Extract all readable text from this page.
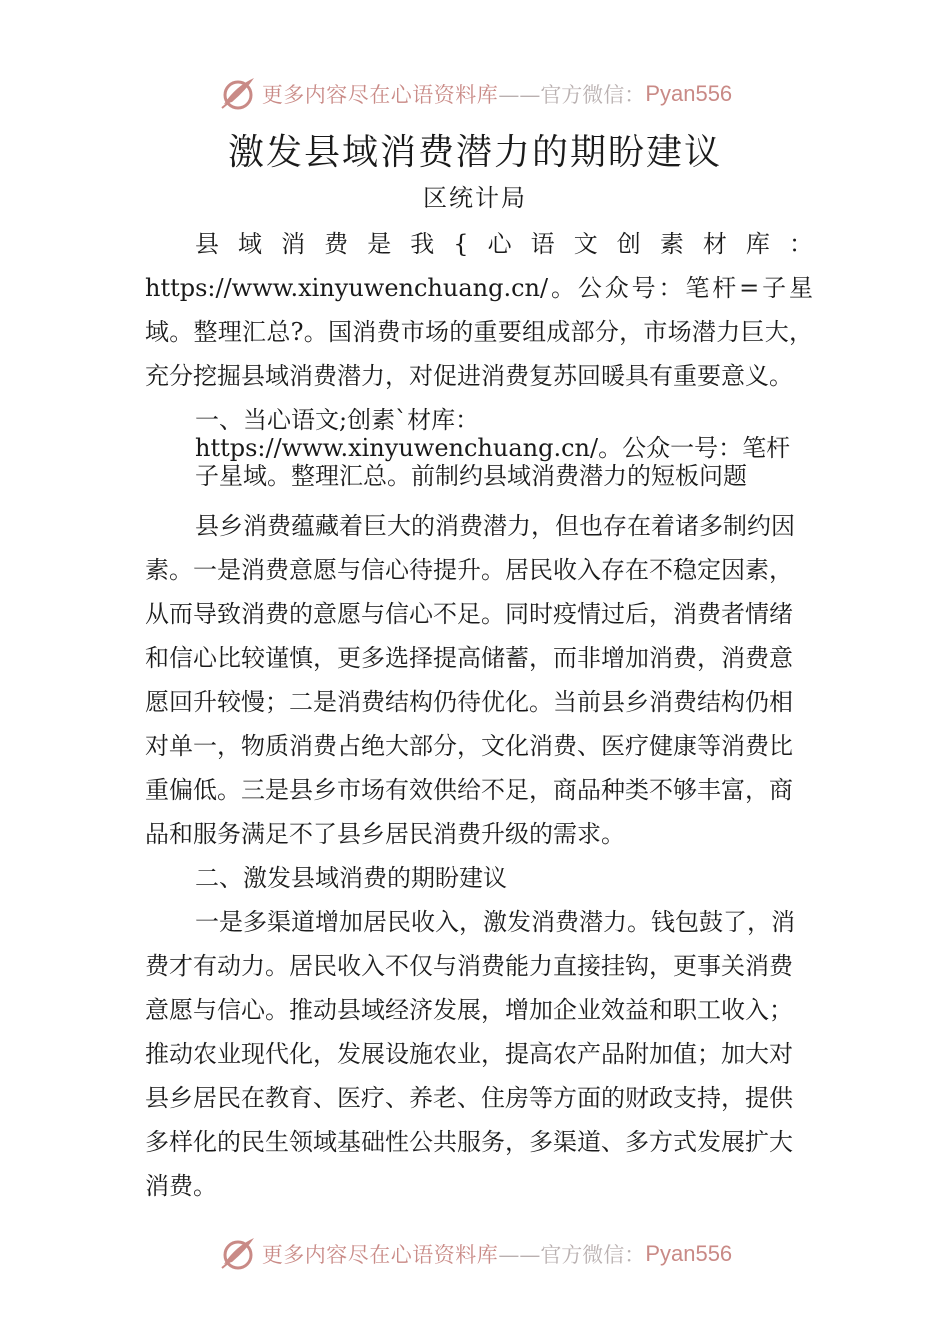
更多内容尽在心语资料库 ——官方微信： Pyan556
激发县域消费潜力的期盼建议
区统计局

县域消费是我{心语文创素材库：https://www.xinyuwenchuang.cn/。公众号：笔杆=子星域。整理汇总?。国消费市场的重要组成部分，市场潜力巨大，充分挖掘县域消费潜力，对促进消费复苏回暖具有重要意义。

一、当心语文;创素`材库：https://www.xinyuwenchuang.cn/。公众一号：笔杆子星域。整理汇总。前制约县域消费潜力的短板问题

县乡消费蕴藏着巨大的消费潜力，但也存在着诸多制约因素。一是消费意愿与信心待提升。居民收入存在不稳定因素，从而导致消费的意愿与信心不足。同时疫情过后，消费者情绪和信心比较谨慎，更多选择提高储蓄，而非增加消费，消费意愿回升较慢；二是消费结构仍待优化。当前县乡消费结构仍相对单一，物质消费占绝大部分，文化消费、医疗健康等消费比重偏低。三是县乡市场有效供给不足，商品种类不够丰富，商品和服务满足不了县乡居民消费升级的需求。

二、激发县域消费的期盼建议

一是多渠道增加居民收入，激发消费潜力。钱包鼓了，消费才有动力。居民收入不仅与消费能力直接挂钩，更事关消费意愿与信心。推动县域经济发展，增加企业效益和职工收入；推动农业现代化，发展设施农业，提高农产品附加值；加大对县乡居民在教育、医疗、养老、住房等方面的财政支持，提供多样化的民生领域基础性公共服务，多渠道、多方式发展扩大消费。

更多内容尽在心语资料库 ——官方微信： Pyan556
